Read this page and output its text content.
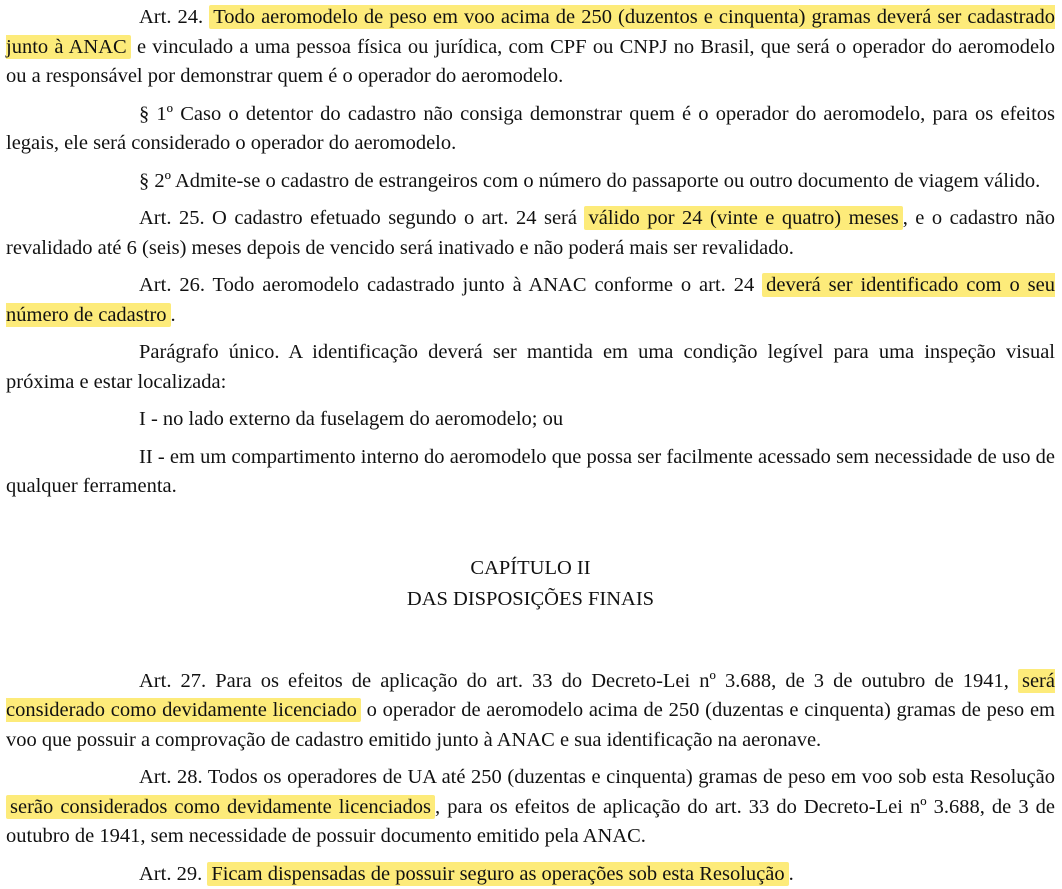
Art. 24. Todo aeromodelo de peso em voo acima de 250 (duzentos e cinquenta) gramas deverá ser cadastrado junto à ANAC e vinculado a uma pessoa física ou jurídica, com CPF ou CNPJ no Brasil, que será o operador do aeromodelo ou a responsável por demonstrar quem é o operador do aeromodelo.

§ 1º Caso o detentor do cadastro não consiga demonstrar quem é o operador do aeromodelo, para os efeitos legais, ele será considerado o operador do aeromodelo.

§ 2º Admite-se o cadastro de estrangeiros com o número do passaporte ou outro documento de viagem válido.

Art. 25. O cadastro efetuado segundo o art. 24 será válido por 24 (vinte e quatro) meses , e o cadastro não revalidado até 6 (seis) meses depois de vencido será inativado e não poderá mais ser revalidado.

Art. 26. Todo aeromodelo cadastrado junto à ANAC conforme o art. 24 deverá ser identificado com o seu número de cadastro .

Parágrafo único. A identificação deverá ser mantida em uma condição legível para uma inspeção visual próxima e estar localizada:

I - no lado externo da fuselagem do aeromodelo; ou

II - em um compartimento interno do aeromodelo que possa ser facilmente acessado sem necessidade de uso de qualquer ferramenta.

CAPÍTULO II

DAS DISPOSIÇÕES FINAIS

Art. 27. Para os efeitos de aplicação do art. 33 do Decreto-Lei nº 3.688, de 3 de outubro de 1941, será considerado como devidamente licenciado o operador de aeromodelo acima de 250 (duzentas e cinquenta) gramas de peso em voo que possuir a comprovação de cadastro emitido junto à ANAC e sua identificação na aeronave.

Art. 28. Todos os operadores de UA até 250 (duzentas e cinquenta) gramas de peso em voo sob esta Resolução serão considerados como devidamente licenciados , para os efeitos de aplicação do art. 33 do Decreto-Lei nº 3.688, de 3 de outubro de 1941, sem necessidade de possuir documento emitido pela ANAC.

Art. 29. Ficam dispensadas de possuir seguro as operações sob esta Resolução .
